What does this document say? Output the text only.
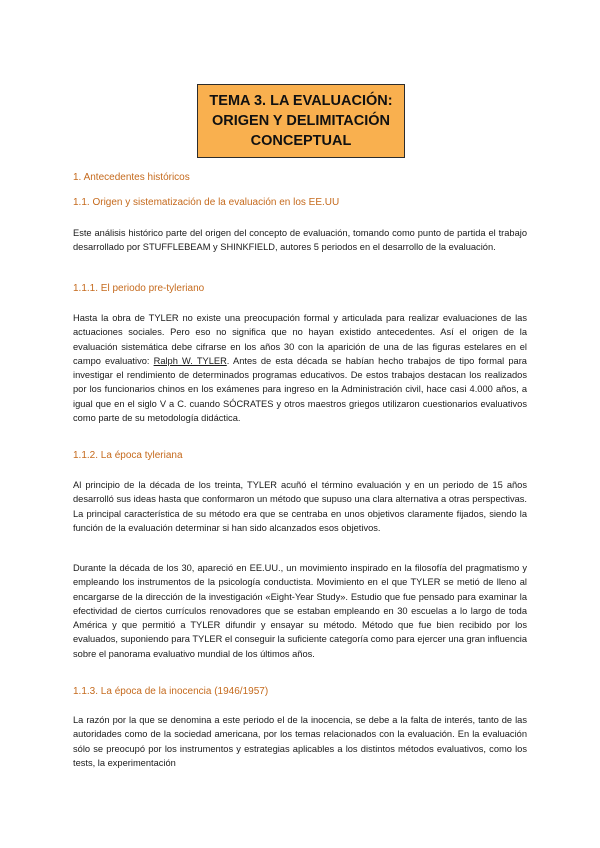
TEMA 3. LA EVALUACIÓN:
ORIGEN Y DELIMITACIÓN
CONCEPTUAL
1. Antecedentes históricos
1.1. Origen y sistematización de la evaluación en los EE.UU

Este análisis histórico parte del origen del concepto de evaluación, tomando como punto de partida el trabajo desarrollado por STUFFLEBEAM y SHINKFIELD, autores 5 periodos en el desarrollo de la evaluación.

1.1.1. El periodo pre-tyleriano

Hasta la obra de TYLER no existe una preocupación formal y articulada para realizar evaluaciones de las actuaciones sociales. Pero eso no significa que no hayan existido antecedentes. Así el origen de la evaluación sistemática debe cifrarse en los años 30 con la aparición de una de las figuras estelares en el campo evaluativo: Ralph W. TYLER. Antes de esta década se habían hecho trabajos de tipo formal para investigar el rendimiento de determinados programas educativos. De estos trabajos destacan los realizados por los funcionarios chinos en los exámenes para ingreso en la Administración civil, hace casi 4.000 años, a igual que en el siglo V a C. cuando SÓCRATES y otros maestros griegos utilizaron cuestionarios evaluativos como parte de su metodología didáctica.

1.1.2. La época tyleriana

Al principio de la década de los treinta, TYLER acuñó el término evaluación y en un periodo de 15 años desarrolló sus ideas hasta que conformaron un método que supuso una clara alternativa a otras perspectivas. La principal característica de su método era que se centraba en unos objetivos claramente fijados, siendo la función de la evaluación determinar si han sido alcanzados esos objetivos.

Durante la década de los 30, apareció en EE.UU., un movimiento inspirado en la filosofía del pragmatismo y empleando los instrumentos de la psicología conductista. Movimiento en el que TYLER se metió de lleno al encargarse de la dirección de la investigación «Eight-Year Study». Estudio que fue pensado para examinar la efectividad de ciertos currículos renovadores que se estaban empleando en 30 escuelas a lo largo de toda América y que permitió a TYLER difundir y ensayar su método. Método que fue bien recibido por los evaluados, suponiendo para TYLER el conseguir la suficiente categoría como para ejercer una gran influencia sobre el panorama evaluativo mundial de los últimos años.

1.1.3. La época de la inocencia (1946/1957)

La razón por la que se denomina a este periodo el de la inocencia, se debe a la falta de interés, tanto de las autoridades como de la sociedad americana, por los temas relacionados con la evaluación. En la evaluación sólo se preocupó por los instrumentos y estrategias aplicables a los distintos métodos evaluativos, como los tests, la experimentación
